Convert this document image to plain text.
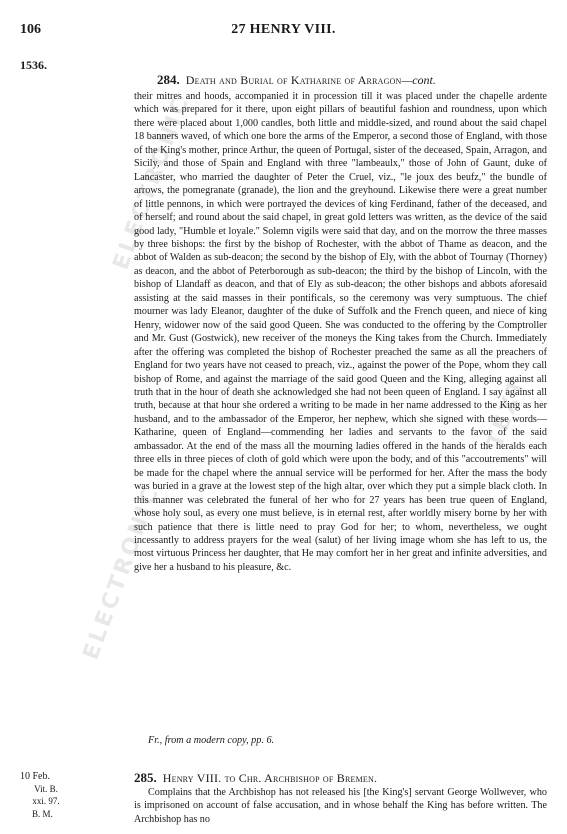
ELECTRONIC
ELECTRONIC
TEXT
106	27 HENRY VIII.
1536.
284. Death and Burial of Katharine of Arragon—cont.

their mitres and hoods, accompanied it in procession till it was placed under the chapelle ardente which was prepared for it there, upon eight pillars of beautiful fashion and roundness, upon which there were placed about 1,000 candles, both little and middle-sized, and round about the said chapel 18 banners waved, of which one bore the arms of the Emperor, a second those of England, with those of the King's mother, prince Arthur, the queen of Portugal, sister of the deceased, Spain, Arragon, and Sicily, and those of Spain and England with three "lambeaulx," those of John of Gaunt, duke of Lancaster, who married the daughter of Peter the Cruel, viz., "le joux des beufz," the bundle of arrows, the pomegranate (granade), the lion and the greyhound. Likewise there were a great number of little pennons, in which were portrayed the devices of king Ferdinand, father of the deceased, and of herself; and round about the said chapel, in great gold letters was written, as the device of the said good lady, "Humble et loyale." Solemn vigils were said that day, and on the morrow the three masses by three bishops: the first by the bishop of Rochester, with the abbot of Thame as deacon, and the abbot of Walden as sub-deacon; the second by the bishop of Ely, with the abbot of Tournay (Thorney) as deacon, and the abbot of Peterborough as sub-deacon; the third by the bishop of Lincoln, with the bishop of Llandaff as deacon, and that of Ely as sub-deacon; the other bishops and abbots aforesaid assisting at the said masses in their pontificals, so the ceremony was very sumptuous. The chief mourner was lady Eleanor, daughter of the duke of Suffolk and the French queen, and niece of king Henry, widower now of the said good Queen. She was conducted to the offering by the Comptroller and Mr. Gust (Gostwick), new receiver of the moneys the King takes from the Church. Immediately after the offering was completed the bishop of Rochester preached the same as all the preachers of England for two years have not ceased to preach, viz., against the power of the Pope, whom they call bishop of Rome, and against the marriage of the said good Queen and the King, alleging against all truth that in the hour of death she acknowledged she had not been queen of England. I say against all truth, because at that hour she ordered a writing to be made in her name addressed to the King as her husband, and to the ambassador of the Emperor, her nephew, which she signed with these words—Katharine, queen of England—commending her ladies and servants to the favor of the said ambassador. At the end of the mass all the mourning ladies offered in the hands of the heralds each three ells in three pieces of cloth of gold which were upon the body, and of this "accoutrements" will be made for the chapel where the annual service will be performed for her. After the mass the body was buried in a grave at the lowest step of the high altar, over which they put a simple black cloth. In this manner was celebrated the funeral of her who for 27 years has been true queen of England, whose holy soul, as every one must believe, is in eternal rest, after worldly misery borne by her with such patience that there is little need to pray God for her; to whom, nevertheless, we ought incessantly to address prayers for the weal (salut) of her living image whom she has left to us, the most virtuous Princess her daughter, that He may comfort her in her great and infinite adversities, and give her a husband to his pleasure, &c.

Fr., from a modern copy, pp. 6.
10 Feb.
Vit. B. xxi. 97.
B. M.
285. Henry VIII. to Chr. Archbishop of Bremen.
Complains that the Archbishop has not released his [the King's] servant George Wollwever, who is imprisoned on account of false accusation, and in whose behalf the King has before written. The Archbishop has no
